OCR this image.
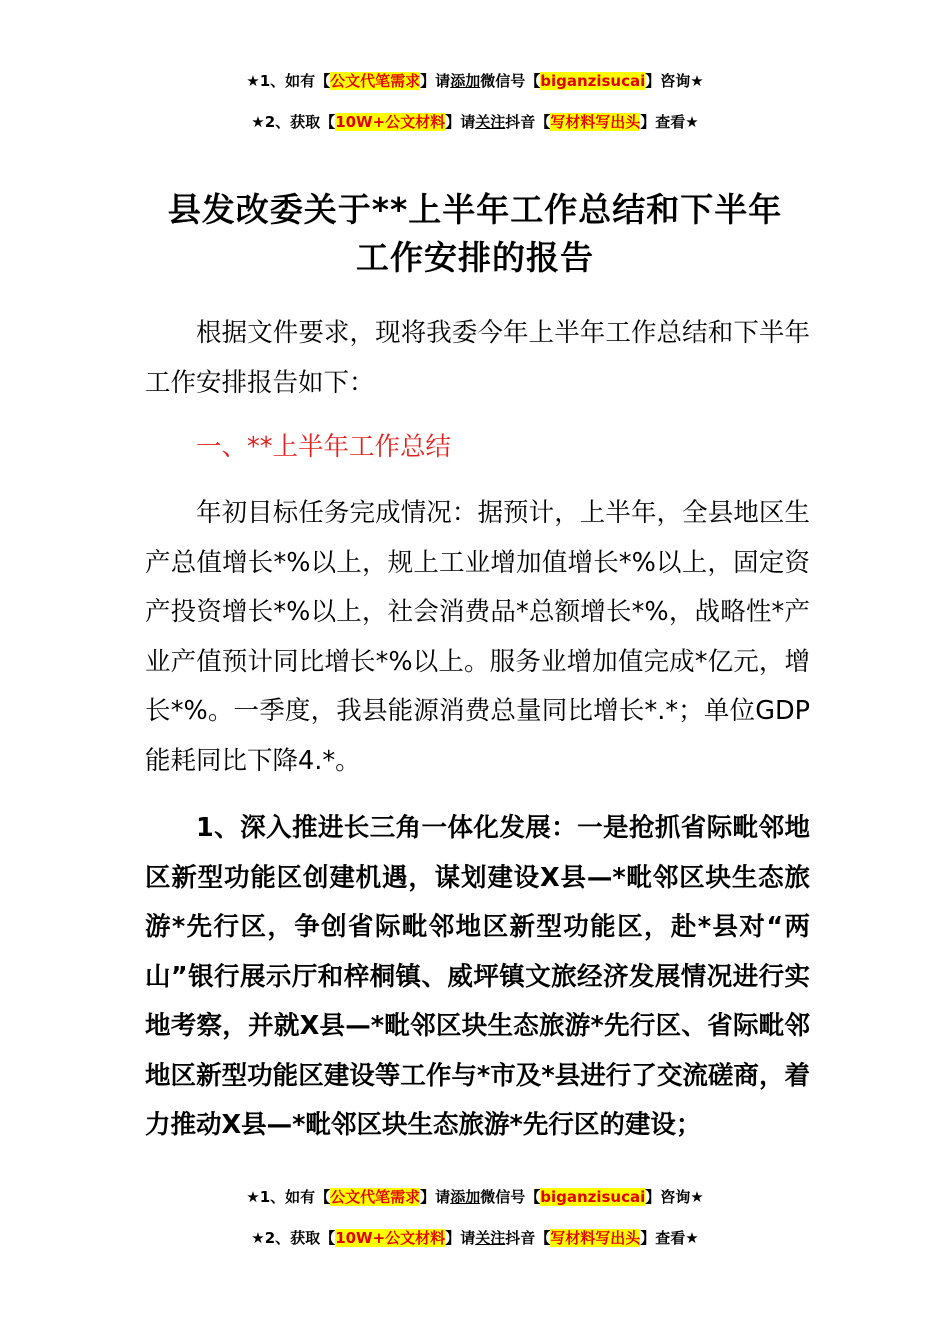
★1、如有【公文代笔需求】请添加微信号【biganzisucai】咨询★
★2、获取【10W+公文材料】请关注抖音【写材料写出头】查看★
县发改委关于**上半年工作总结和下半年
工作安排的报告
根据文件要求，现将我委今年上半年工作总结和下半年工作安排报告如下：
一、**上半年工作总结
年初目标任务完成情况：据预计，上半年，全县地区生产总值增长*%以上，规上工业增加值增长*%以上，固定资产投资增长*%以上，社会消费品*总额增长*%，战略性*产业产值预计同比增长*%以上。服务业增加值完成*亿元，增长*%。一季度，我县能源消费总量同比增长*.*；单位GDP能耗同比下降4.*。
1、深入推进长三角一体化发展：一是抢抓省际毗邻地区新型功能区创建机遇，谋划建设X县—*毗邻区块生态旅游*先行区，争创省际毗邻地区新型功能区，赴*县对“两山”银行展示厅和梓桐镇、威坪镇文旅经济发展情况进行实地考察，并就X县—*毗邻区块生态旅游*先行区、省际毗邻地区新型功能区建设等工作与*市及*县进行了交流磋商，着力推动X县—*毗邻区块生态旅游*先行区的建设；
★1、如有【公文代笔需求】请添加微信号【biganzisucai】咨询★
★2、获取【10W+公文材料】请关注抖音【写材料写出头】查看★
